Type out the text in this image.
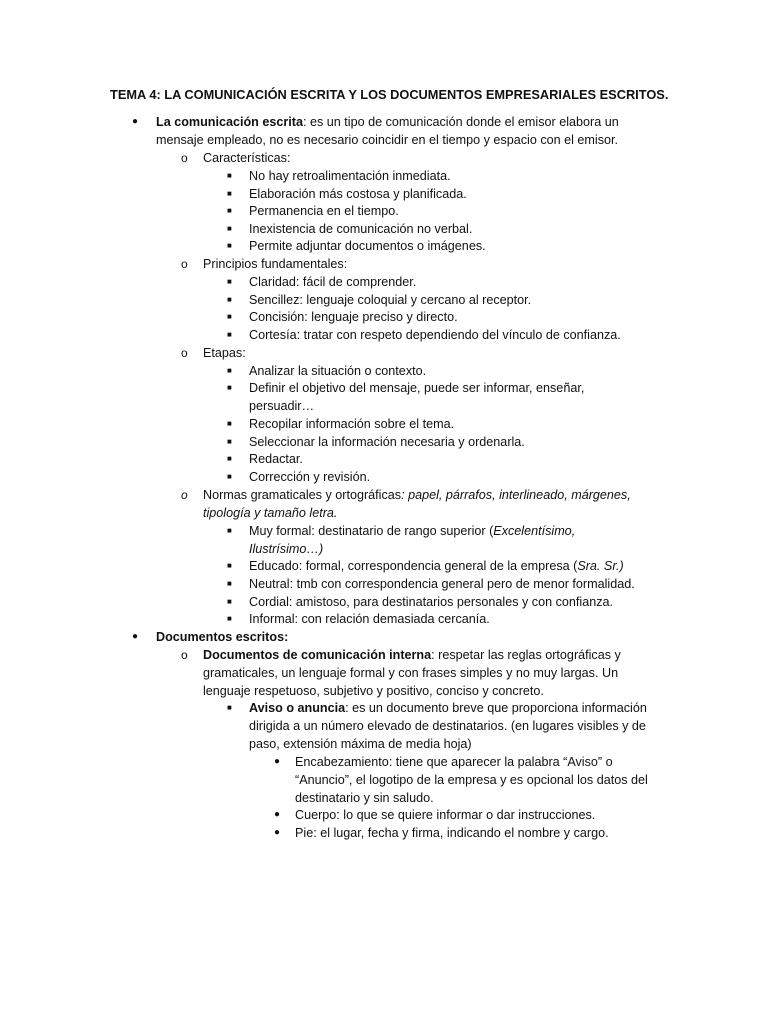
TEMA 4: LA COMUNICACIÓN ESCRITA Y LOS DOCUMENTOS EMPRESARIALES ESCRITOS.
● La comunicación escrita: es un tipo de comunicación donde el emisor elabora un mensaje empleado, no es necesario coincidir en el tiempo y espacio con el emisor.
o Características:
■ No hay retroalimentación inmediata.
■ Elaboración más costosa y planificada.
■ Permanencia en el tiempo.
■ Inexistencia de comunicación no verbal.
■ Permite adjuntar documentos o imágenes.
o Principios fundamentales:
■ Claridad: fácil de comprender.
■ Sencillez: lenguaje coloquial y cercano al receptor.
■ Concisión: lenguaje preciso y directo.
■ Cortesía: tratar con respeto dependiendo del vínculo de confianza.
o Etapas:
■ Analizar la situación o contexto.
■ Definir el objetivo del mensaje, puede ser informar, enseñar, persuadir…
■ Recopilar información sobre el tema.
■ Seleccionar la información necesaria y ordenarla.
■ Redactar.
■ Corrección y revisión.
o Normas gramaticales y ortográficas: papel, párrafos, interlineado, márgenes, tipología y tamaño letra.
■ Muy formal: destinatario de rango superior (Excelentísimo, Ilustrísimo…)
■ Educado: formal, correspondencia general de la empresa (Sra. Sr.)
■ Neutral: tmb con correspondencia general pero de menor formalidad.
■ Cordial: amistoso, para destinatarios personales y con confianza.
■ Informal: con relación demasiada cercanía.
● Documentos escritos:
o Documentos de comunicación interna: respetar las reglas ortográficas y gramaticales, un lenguaje formal y con frases simples y no muy largas. Un lenguaje respetuoso, subjetivo y positivo, conciso y concreto.
■ Aviso o anuncia: es un documento breve que proporciona información dirigida a un número elevado de destinatarios. (en lugares visibles y de paso, extensión máxima de media hoja)
● Encabezamiento: tiene que aparecer la palabra “Aviso” o “Anuncio”, el logotipo de la empresa y es opcional los datos del destinatario y sin saludo.
● Cuerpo: lo que se quiere informar o dar instrucciones.
● Pie: el lugar, fecha y firma, indicando el nombre y cargo.
